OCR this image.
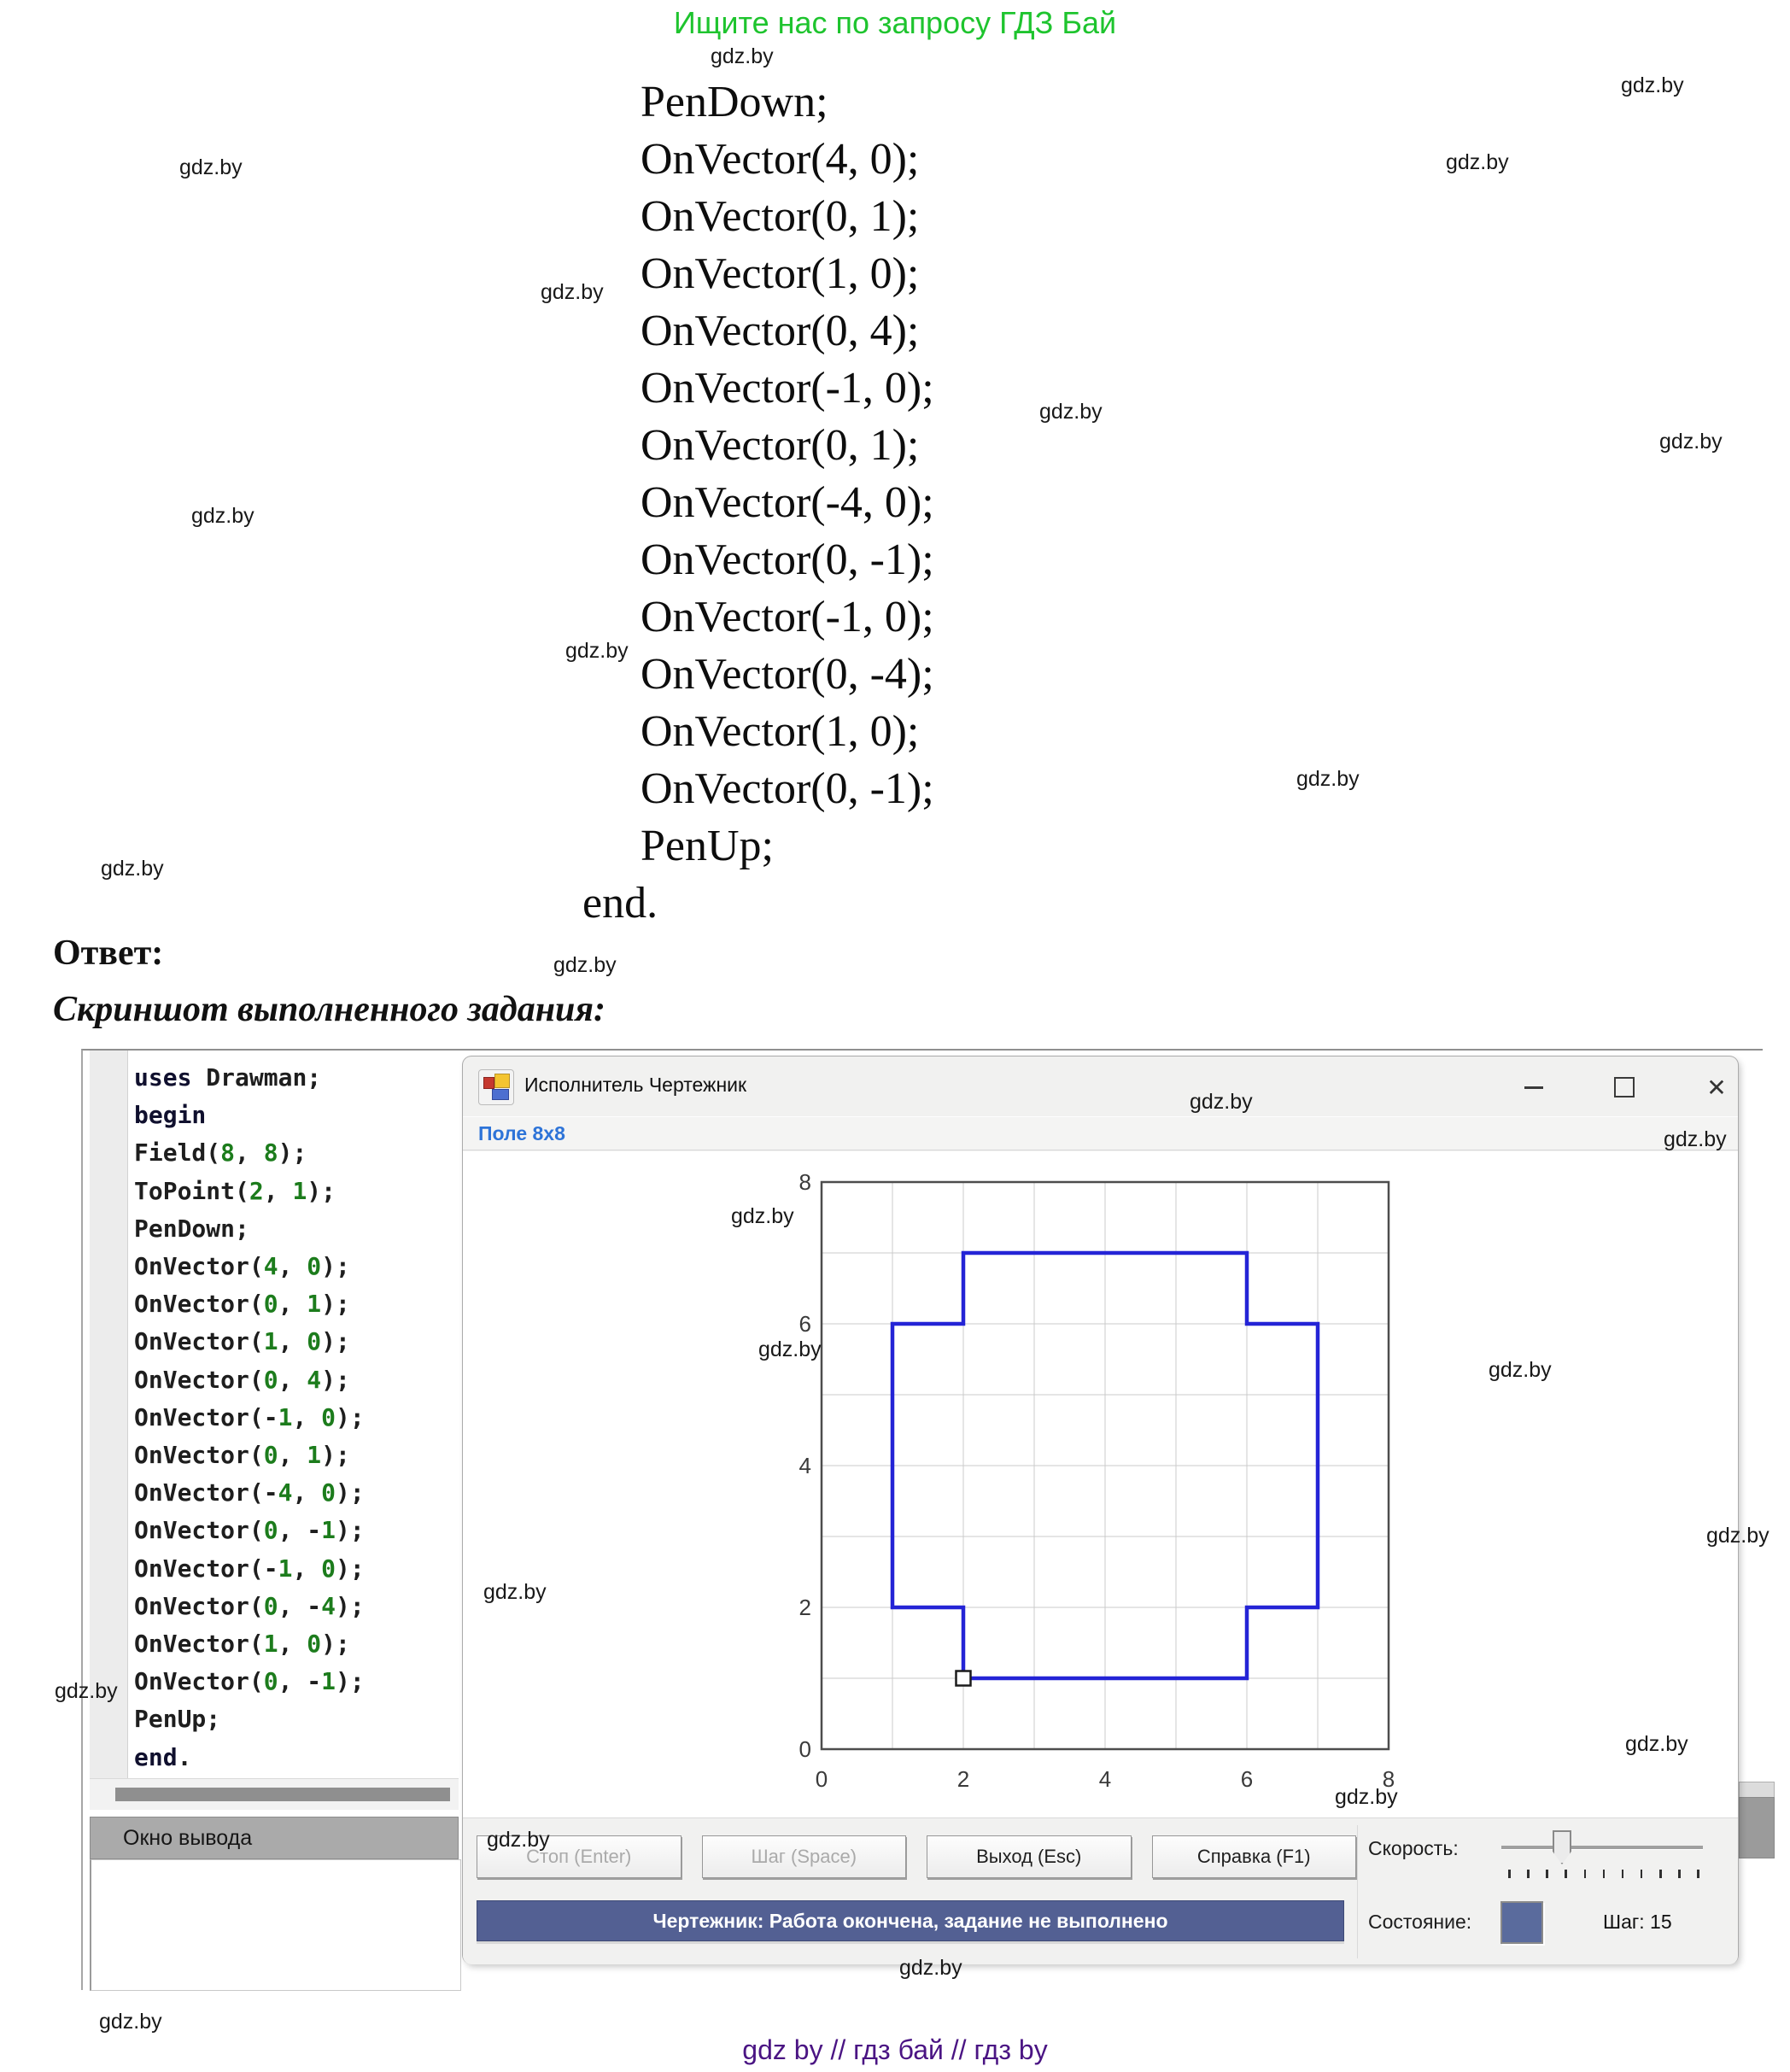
Ищите нас по запросу ГДЗ Бай
PenDown;
OnVector(4, 0);
OnVector(0, 1);
OnVector(1, 0);
OnVector(0, 4);
OnVector(-1, 0);
OnVector(0, 1);
OnVector(-4, 0);
OnVector(0, -1);
OnVector(-1, 0);
OnVector(0, -4);
OnVector(1, 0);
OnVector(0, -1);
PenUp;
end.
Ответ:
Скриншот выполненного задания:
uses Drawman;
begin
Field(8, 8);
ToPoint(2, 1);
PenDown;
OnVector(4, 0);
OnVector(0, 1);
OnVector(1, 0);
OnVector(0, 4);
OnVector(-1, 0);
OnVector(0, 1);
OnVector(-4, 0);
OnVector(0, -1);
OnVector(-1, 0);
OnVector(0, -4);
OnVector(1, 0);
OnVector(0, -1);
PenUp;
end.
Окно вывода
Исполнитель Чертежник	✕
Поле 8x8
0
2
4
6
8
0	2	4	6	8
Стоп (Enter)	Шаг (Space)	Выход (Esc)	Справка (F1)	Скорость:
Чертежник: Работа окончена, задание не выполнено	Состояние:	Шаг: 15
gdz by // гдз бай // гдз by
gdz.by
gdz.by
gdz.by	gdz.by
gdz.by
gdz.by
gdz.by
gdz.by
gdz.by
gdz.by
gdz.by
gdz.by
gdz.by
gdz.by
gdz.by
gdz.by
gdz.by
gdz.by
gdz.by
gdz.by
gdz.by
gdz.by
gdz.by
gdz.by
gdz.by
